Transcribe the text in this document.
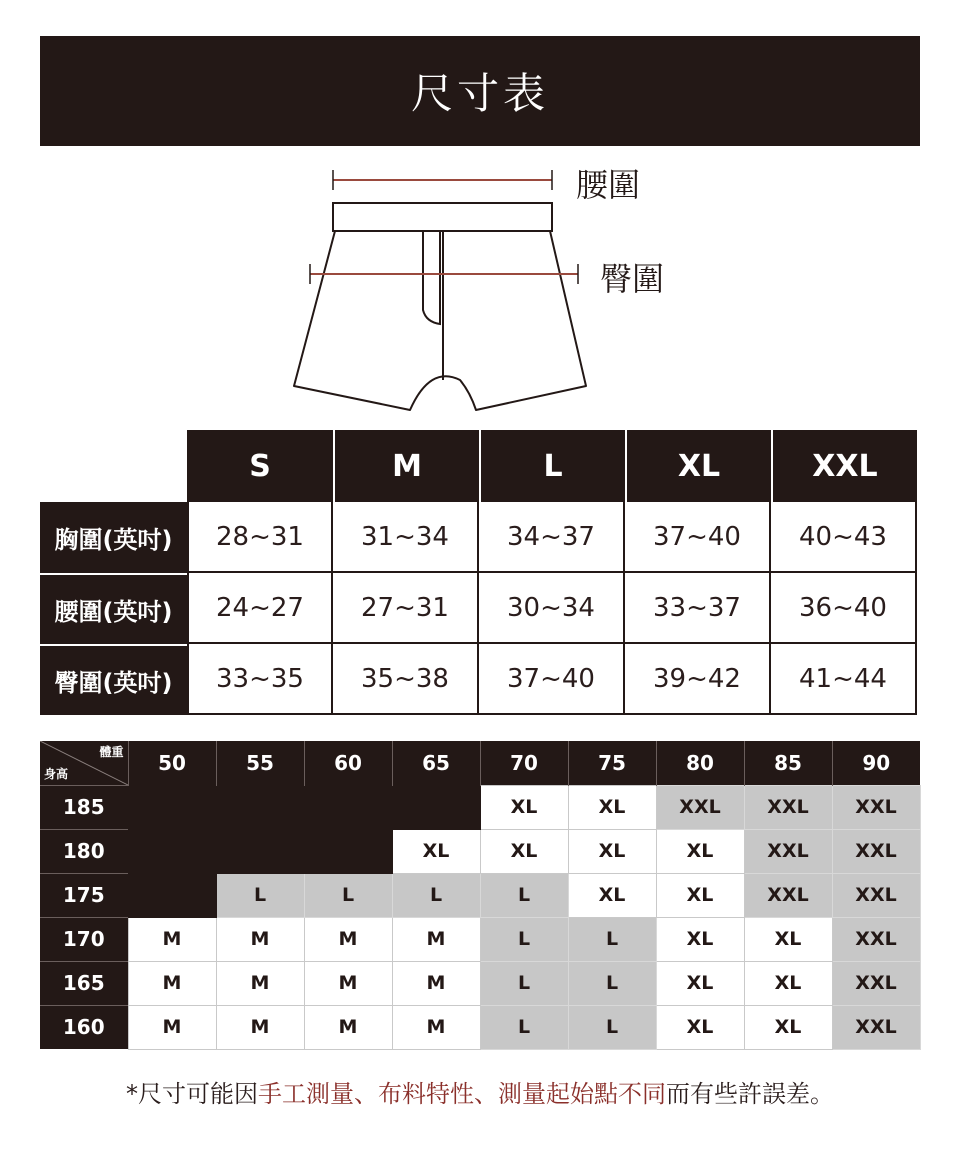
尺寸表
腰圍
臀圍
	S	M	L	XL	XXL
胸圍(英吋)	28~31	31~34	34~37	37~40	40~43
腰圍(英吋)	24~27	27~31	30~34	33~37	36~40
臀圍(英吋)	33~35	35~38	37~40	39~42	41~44
體重
身高	50	55	60	65	70	75	80	85	90
185					XL	XL	XXL	XXL	XXL
180				XL	XL	XL	XL	XXL	XXL
175		L	L	L	L	XL	XL	XXL	XXL
170	M	M	M	M	L	L	XL	XL	XXL
165	M	M	M	M	L	L	XL	XL	XXL
160	M	M	M	M	L	L	XL	XL	XXL
*尺寸可能因手工測量、布料特性、測量起始點不同而有些許誤差。
